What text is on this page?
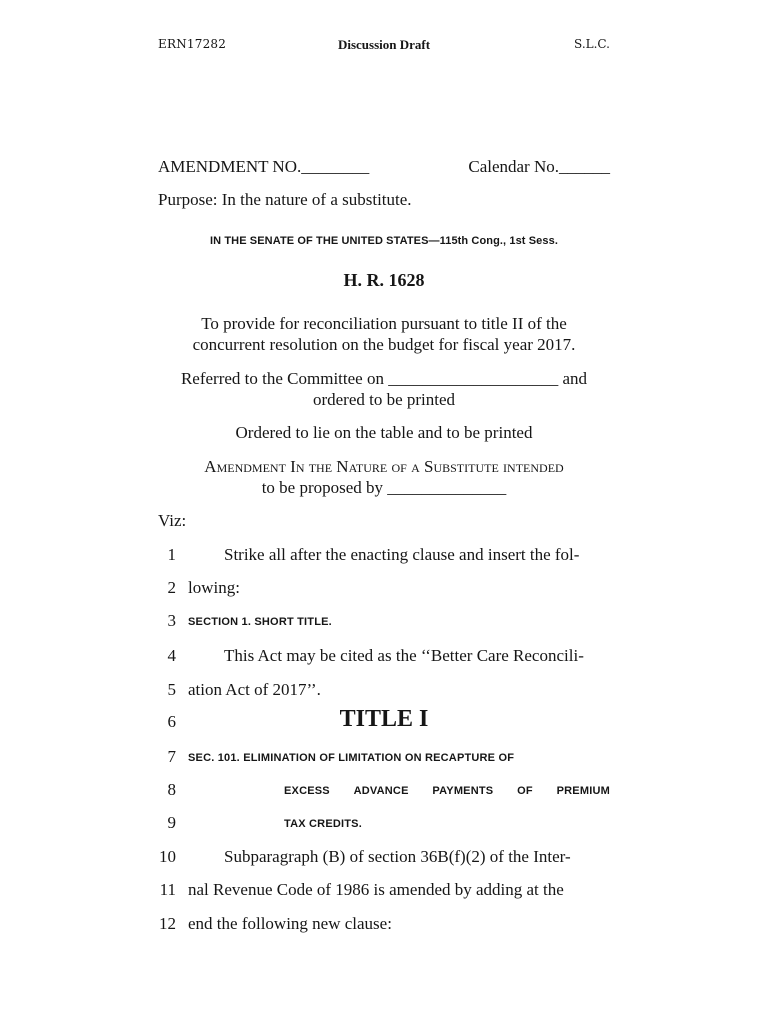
ERN17282	Discussion Draft	S.L.C.
AMENDMENT NO.________	Calendar No.______
Purpose: In the nature of a substitute.
IN THE SENATE OF THE UNITED STATES—115th Cong., 1st Sess.
H. R. 1628
To provide for reconciliation pursuant to title II of the
concurrent resolution on the budget for fiscal year 2017.
Referred to the Committee on ____________________ and
ordered to be printed
Ordered to lie on the table and to be printed
Amendment In the Nature of a Substitute intended
to be proposed by ______________
Viz:
1	Strike all after the enacting clause and insert the fol-
2 lowing:
3 SECTION 1. SHORT TITLE.
4	This Act may be cited as the ‘‘Better Care Reconcili-
5 ation Act of 2017’’.
6	TITLE I
7 SEC. 101. ELIMINATION OF LIMITATION ON RECAPTURE OF
8	EXCESS ADVANCE PAYMENTS OF PREMIUM
9	TAX CREDITS.
10	Subparagraph (B) of section 36B(f)(2) of the Inter-
11 nal Revenue Code of 1986 is amended by adding at the
12 end the following new clause:
